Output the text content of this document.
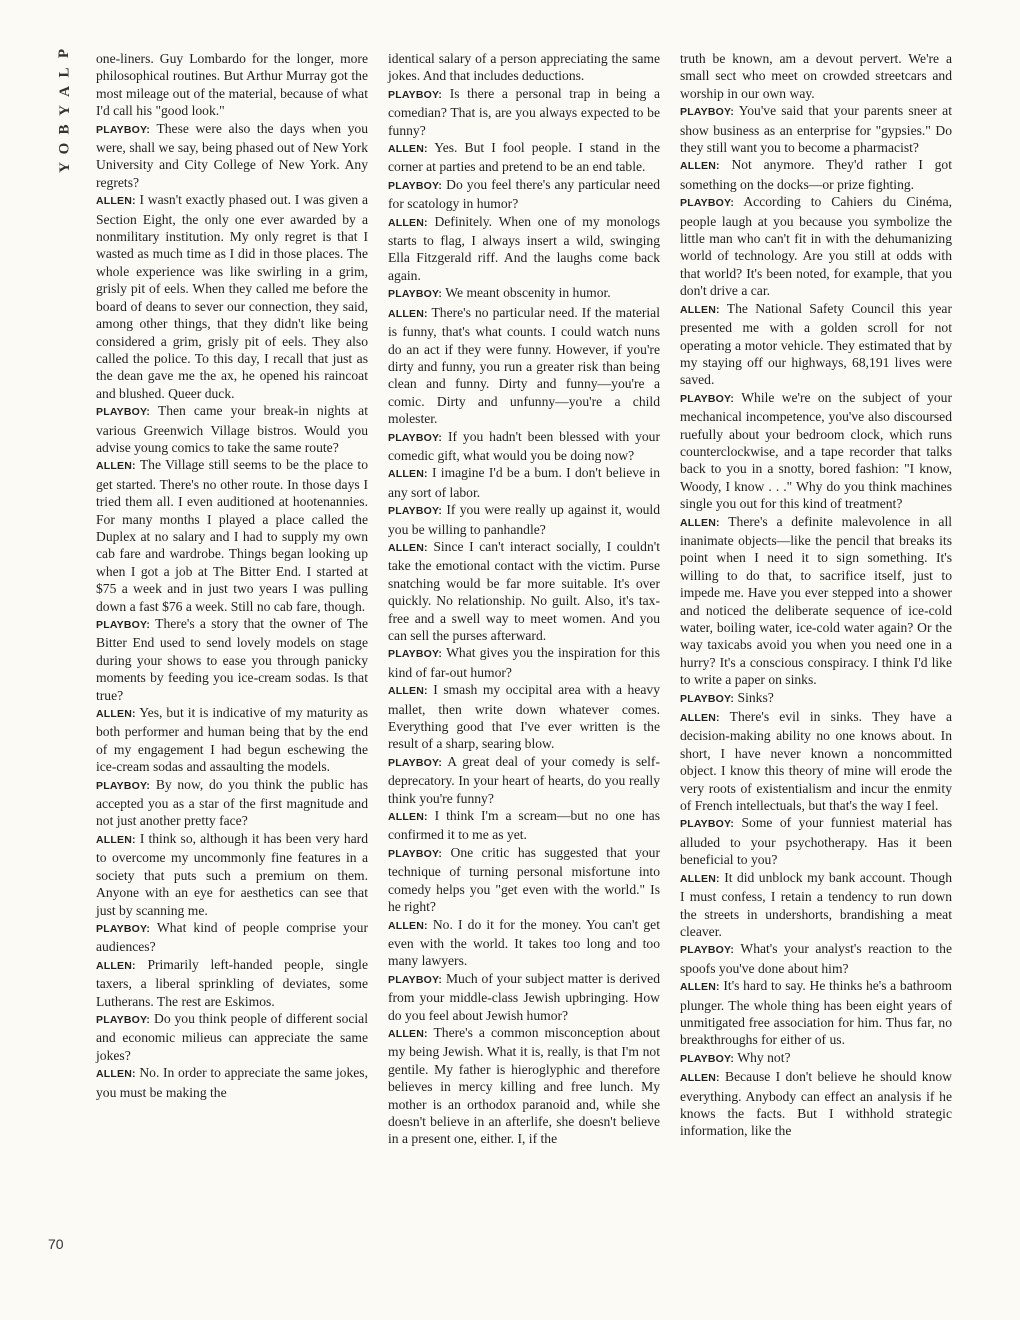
P
L
A
Y
B
O
Y

one-liners. Guy Lombardo for the longer, more philosophical routines. But Arthur Murray got the most mileage out of the material, because of what I'd call his "good look."

PLAYBOY: These were also the days when you were, shall we say, being phased out of New York University and City College of New York. Any regrets?

ALLEN: I wasn't exactly phased out. I was given a Section Eight, the only one ever awarded by a nonmilitary institution. My only regret is that I wasted as much time as I did in those places. The whole experience was like swirling in a grim, grisly pit of eels. When they called me before the board of deans to sever our connection, they said, among other things, that they didn't like being considered a grim, grisly pit of eels. They also called the police. To this day, I recall that just as the dean gave me the ax, he opened his raincoat and blushed. Queer duck.

PLAYBOY: Then came your break-in nights at various Greenwich Village bistros. Would you advise young comics to take the same route?

ALLEN: The Village still seems to be the place to get started. There's no other route. In those days I tried them all. I even auditioned at hootenannies. For many months I played a place called the Duplex at no salary and I had to supply my own cab fare and wardrobe. Things began looking up when I got a job at The Bitter End. I started at $75 a week and in just two years I was pulling down a fast $76 a week. Still no cab fare, though.

PLAYBOY: There's a story that the owner of The Bitter End used to send lovely models on stage during your shows to ease you through panicky moments by feeding you ice-cream sodas. Is that true?

ALLEN: Yes, but it is indicative of my maturity as both performer and human being that by the end of my engagement I had begun eschewing the ice-cream sodas and assaulting the models.

PLAYBOY: By now, do you think the public has accepted you as a star of the first magnitude and not just another pretty face?

ALLEN: I think so, although it has been very hard to overcome my uncommonly fine features in a society that puts such a premium on them. Anyone with an eye for aesthetics can see that just by scanning me.

PLAYBOY: What kind of people comprise your audiences?

ALLEN: Primarily left-handed people, single taxers, a liberal sprinkling of deviates, some Lutherans. The rest are Eskimos.

PLAYBOY: Do you think people of different social and economic milieus can appreciate the same jokes?

ALLEN: No. In order to appreciate the same jokes, you must be making the

identical salary of a person appreciating the same jokes. And that includes deductions.

PLAYBOY: Is there a personal trap in being a comedian? That is, are you always expected to be funny?

ALLEN: Yes. But I fool people. I stand in the corner at parties and pretend to be an end table.

PLAYBOY: Do you feel there's any particular need for scatology in humor?

ALLEN: Definitely. When one of my monologs starts to flag, I always insert a wild, swinging Ella Fitzgerald riff. And the laughs come back again.

PLAYBOY: We meant obscenity in humor.

ALLEN: There's no particular need. If the material is funny, that's what counts. I could watch nuns do an act if they were funny. However, if you're dirty and funny, you run a greater risk than being clean and funny. Dirty and funny—you're a comic. Dirty and unfunny—you're a child molester.

PLAYBOY: If you hadn't been blessed with your comedic gift, what would you be doing now?

ALLEN: I imagine I'd be a bum. I don't believe in any sort of labor.

PLAYBOY: If you were really up against it, would you be willing to panhandle?

ALLEN: Since I can't interact socially, I couldn't take the emotional contact with the victim. Purse snatching would be far more suitable. It's over quickly. No relationship. No guilt. Also, it's tax-free and a swell way to meet women. And you can sell the purses afterward.

PLAYBOY: What gives you the inspiration for this kind of far-out humor?

ALLEN: I smash my occipital area with a heavy mallet, then write down whatever comes. Everything good that I've ever written is the result of a sharp, searing blow.

PLAYBOY: A great deal of your comedy is self-deprecatory. In your heart of hearts, do you really think you're funny?

ALLEN: I think I'm a scream—but no one has confirmed it to me as yet.

PLAYBOY: One critic has suggested that your technique of turning personal misfortune into comedy helps you "get even with the world." Is he right?

ALLEN: No. I do it for the money. You can't get even with the world. It takes too long and too many lawyers.

PLAYBOY: Much of your subject matter is derived from your middle-class Jewish upbringing. How do you feel about Jewish humor?

ALLEN: There's a common misconception about my being Jewish. What it is, really, is that I'm not gentile. My father is hieroglyphic and therefore believes in mercy killing and free lunch. My mother is an orthodox paranoid and, while she doesn't believe in an afterlife, she doesn't believe in a present one, either. I, if the

truth be known, am a devout pervert. We're a small sect who meet on crowded streetcars and worship in our own way.

PLAYBOY: You've said that your parents sneer at show business as an enterprise for "gypsies." Do they still want you to become a pharmacist?

ALLEN: Not anymore. They'd rather I got something on the docks—or prize fighting.

PLAYBOY: According to Cahiers du Cinéma, people laugh at you because you symbolize the little man who can't fit in with the dehumanizing world of technology. Are you still at odds with that world? It's been noted, for example, that you don't drive a car.

ALLEN: The National Safety Council this year presented me with a golden scroll for not operating a motor vehicle. They estimated that by my staying off our highways, 68,191 lives were saved.

PLAYBOY: While we're on the subject of your mechanical incompetence, you've also discoursed ruefully about your bedroom clock, which runs counterclockwise, and a tape recorder that talks back to you in a snotty, bored fashion: "I know, Woody, I know . . ." Why do you think machines single you out for this kind of treatment?

ALLEN: There's a definite malevolence in all inanimate objects—like the pencil that breaks its point when I need it to sign something. It's willing to do that, to sacrifice itself, just to impede me. Have you ever stepped into a shower and noticed the deliberate sequence of ice-cold water, boiling water, ice-cold water again? Or the way taxicabs avoid you when you need one in a hurry? It's a conscious conspiracy. I think I'd like to write a paper on sinks.

PLAYBOY: Sinks?

ALLEN: There's evil in sinks. They have a decision-making ability no one knows about. In short, I have never known a noncommitted object. I know this theory of mine will erode the very roots of existentialism and incur the enmity of French intellectuals, but that's the way I feel.

PLAYBOY: Some of your funniest material has alluded to your psychotherapy. Has it been beneficial to you?

ALLEN: It did unblock my bank account. Though I must confess, I retain a tendency to run down the streets in undershorts, brandishing a meat cleaver.

PLAYBOY: What's your analyst's reaction to the spoofs you've done about him?

ALLEN: It's hard to say. He thinks he's a bathroom plunger. The whole thing has been eight years of unmitigated free association for him. Thus far, no breakthroughs for either of us.

PLAYBOY: Why not?

ALLEN: Because I don't believe he should know everything. Anybody can effect an analysis if he knows the facts. But I withhold strategic information, like the

70
